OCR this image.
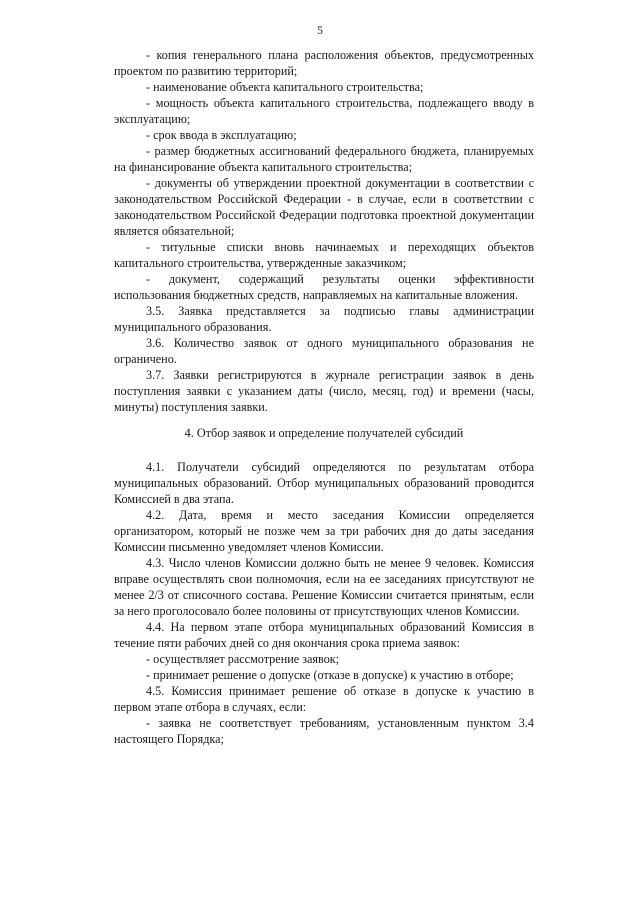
5

- копия генерального плана расположения объектов, предусмотренных проектом по развитию территорий;

- наименование объекта капитального строительства;

- мощность объекта капитального строительства, подлежащего вводу в эксплуатацию;

- срок ввода в эксплуатацию;

- размер бюджетных ассигнований федерального бюджета, планируемых на финансирование объекта капитального строительства;

- документы об утверждении проектной документации в соответствии с законодательством Российской Федерации - в случае, если в соответствии с законодательством Российской Федерации подготовка проектной документации является обязательной;

- титульные списки вновь начинаемых и переходящих объектов капитального строительства, утвержденные заказчиком;

- документ, содержащий результаты оценки эффективности использования бюджетных средств, направляемых на капитальные вложения.

3.5. Заявка представляется за подписью главы администрации муниципального образования.

3.6. Количество заявок от одного муниципального образования не ограничено.

3.7. Заявки регистрируются в журнале регистрации заявок в день поступления заявки с указанием даты (число, месяц, год) и времени (часы, минуты) поступления заявки.

4. Отбор заявок и определение получателей субсидий

4.1. Получатели субсидий определяются по результатам отбора муниципальных образований. Отбор муниципальных образований проводится Комиссией в два этапа.

4.2. Дата, время и место заседания Комиссии определяется организатором, который не позже чем за три рабочих дня до даты заседания Комиссии письменно уведомляет членов Комиссии.

4.3. Число членов Комиссии должно быть не менее 9 человек. Комиссия вправе осуществлять свои полномочия, если на ее заседаниях присутствуют не менее 2/3 от списочного состава. Решение Комиссии считается принятым, если за него проголосовало более половины от присутствующих членов Комиссии.

4.4. На первом этапе отбора муниципальных образований Комиссия в течение пяти рабочих дней со дня окончания срока приема заявок:

- осуществляет рассмотрение заявок;

- принимает решение о допуске (отказе в допуске) к участию в отборе;

4.5. Комиссия принимает решение об отказе в допуске к участию в первом этапе отбора в случаях, если:

- заявка не соответствует требованиям, установленным пунктом 3.4 настоящего Порядка;
